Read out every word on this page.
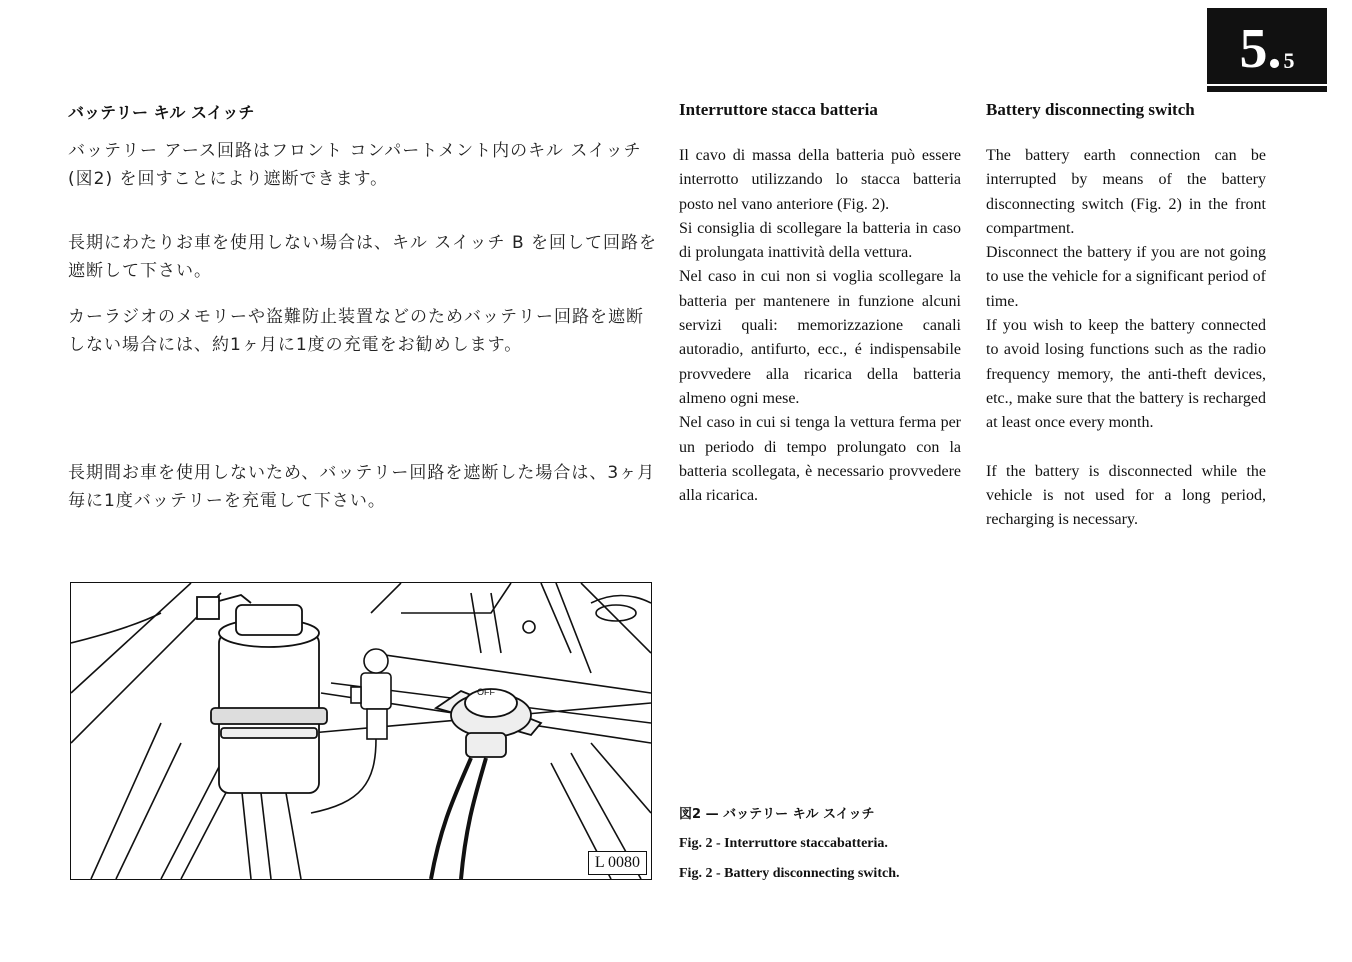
5. 5
バッテリー キル スイッチ

バッテリー アース回路はフロント コンパートメント内のキル スイッチ(図2) を回すことにより遮断できます。

長期にわたりお車を使用しない場合は、キル スイッチ B を回して回路を遮断して下さい。

カーラジオのメモリーや盗難防止装置などのためバッテリー回路を遮断しない場合には、約1ヶ月に1度の充電をお勧めします。

長期間お車を使用しないため、バッテリー回路を遮断した場合は、3ヶ月毎に1度バッテリーを充電して下さい。

Interruttore stacca batteria

Il cavo di massa della batteria può essere interrotto utilizzando lo stacca batteria posto nel vano anteriore (Fig. 2).

Si consiglia di scollegare la batteria in caso di prolungata inattività della vettura.

Nel caso in cui non si voglia scollegare la batteria per mantenere in funzione alcuni servizi quali: memorizzazione canali autoradio, antifurto, ecc., é indispensabile provvedere alla ricarica della batteria almeno ogni mese.

Nel caso in cui si tenga la vettura ferma per un periodo di tempo prolungato con la batteria scollegata, è necessario provvedere alla ricarica.

Battery disconnecting switch

The battery earth connection can be interrupted by means of the battery disconnecting switch (Fig. 2) in the front compartment.

Disconnect the battery if you are not going to use the vehicle for a significant period of time.

If you wish to keep the battery connected to avoid losing functions such as the radio frequency memory, the anti-theft devices, etc., make sure that the battery is recharged at least once every month.

If the battery is disconnected while the vehicle is not used for a long period, recharging is necessary.

OFF
L 0080
図2 — バッテリー キル スイッチ
Fig. 2 - Interruttore staccabatteria.
Fig. 2 - Battery disconnecting switch.
